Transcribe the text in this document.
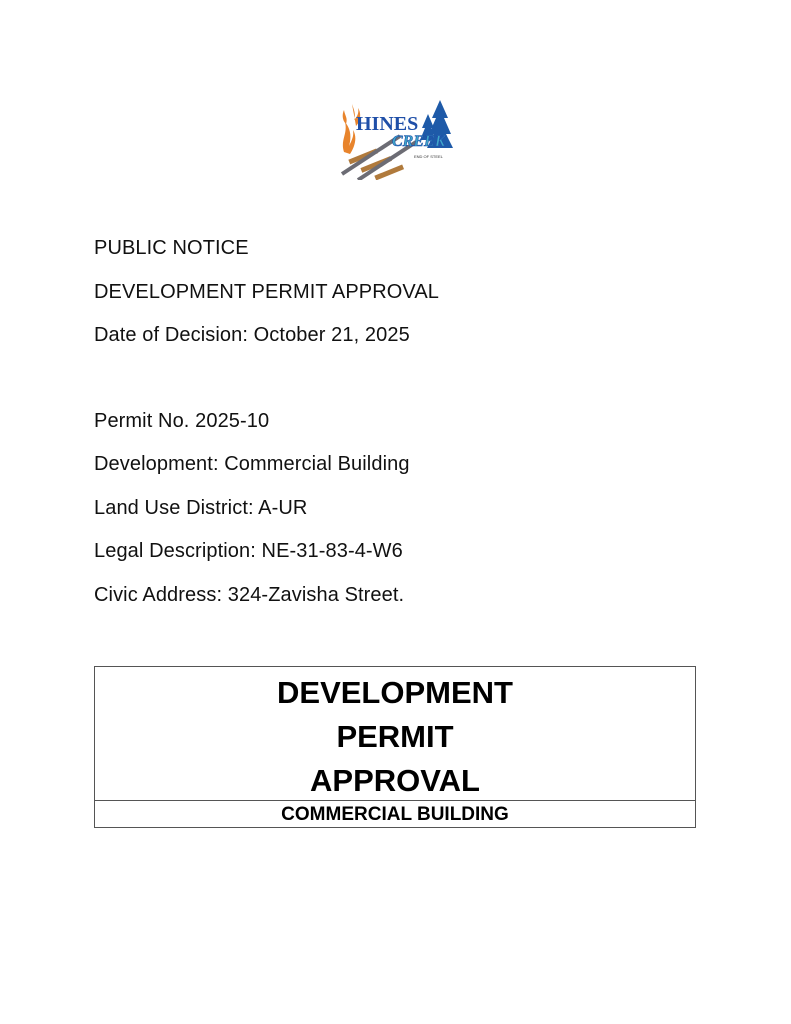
HINES
CREEK
END OF STEEL
PUBLIC NOTICE
DEVELOPMENT PERMIT APPROVAL
Date of Decision: October 21, 2025
Permit No. 2025-10
Development: Commercial Building
Land Use District: A-UR
Legal Description: NE-31-83-4-W6
Civic Address: 324-Zavisha Street.
DEVELOPMENT
PERMIT
APPROVAL
COMMERCIAL BUILDING
